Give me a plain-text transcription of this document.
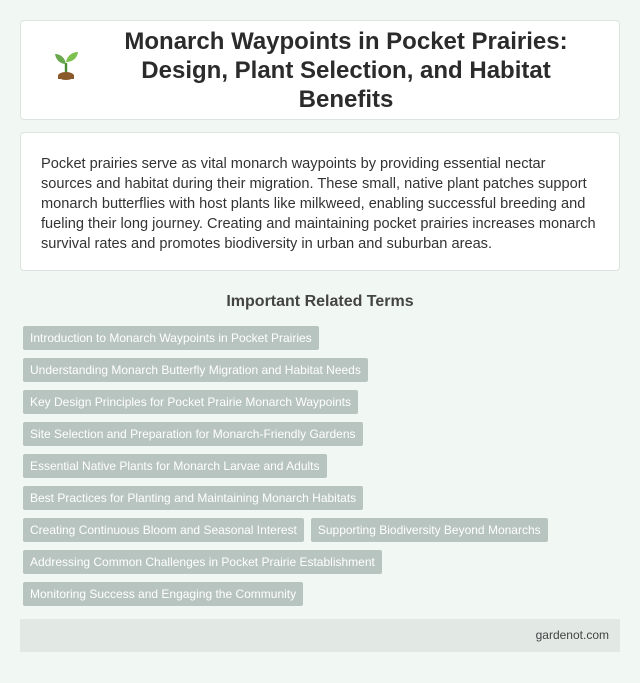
Monarch Waypoints in Pocket Prairies: Design, Plant Selection, and Habitat Benefits

Pocket prairies serve as vital monarch waypoints by providing essential nectar sources and habitat during their migration. These small, native plant patches support monarch butterflies with host plants like milkweed, enabling successful breeding and fueling their long journey. Creating and maintaining pocket prairies increases monarch survival rates and promotes biodiversity in urban and suburban areas.

Important Related Terms
Introduction to Monarch Waypoints in Pocket Prairies
Understanding Monarch Butterfly Migration and Habitat Needs
Key Design Principles for Pocket Prairie Monarch Waypoints
Site Selection and Preparation for Monarch-Friendly Gardens
Essential Native Plants for Monarch Larvae and Adults
Best Practices for Planting and Maintaining Monarch Habitats
Creating Continuous Bloom and Seasonal Interest	Supporting Biodiversity Beyond Monarchs
Addressing Common Challenges in Pocket Prairie Establishment
Monitoring Success and Engaging the Community
gardenot.com
